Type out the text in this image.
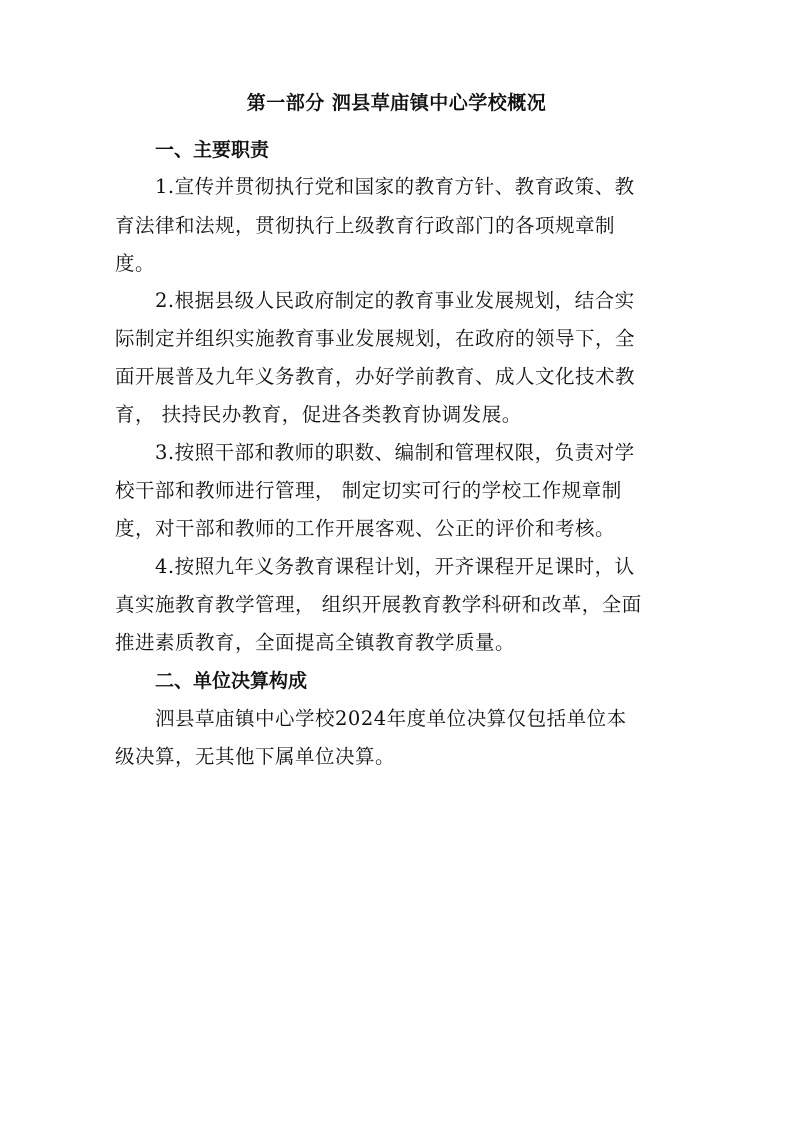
第一部分 泗县草庙镇中心学校概况
一、主要职责
1.宣传并贯彻执行党和国家的教育方针、教育政策、教
育法律和法规，贯彻执行上级教育行政部门的各项规章制
度。
2.根据县级人民政府制定的教育事业发展规划，结合实
际制定并组织实施教育事业发展规划，在政府的领导下，全
面开展普及九年义务教育，办好学前教育、成人文化技术教
育， 扶持民办教育，促进各类教育协调发展。
3.按照干部和教师的职数、编制和管理权限，负责对学
校干部和教师进行管理， 制定切实可行的学校工作规章制
度，对干部和教师的工作开展客观、公正的评价和考核。
4.按照九年义务教育课程计划，开齐课程开足课时，认
真实施教育教学管理， 组织开展教育教学科研和改革，全面
推进素质教育，全面提高全镇教育教学质量。
二、单位决算构成
泗县草庙镇中心学校2024年度单位决算仅包括单位本
级决算，无其他下属单位决算。
